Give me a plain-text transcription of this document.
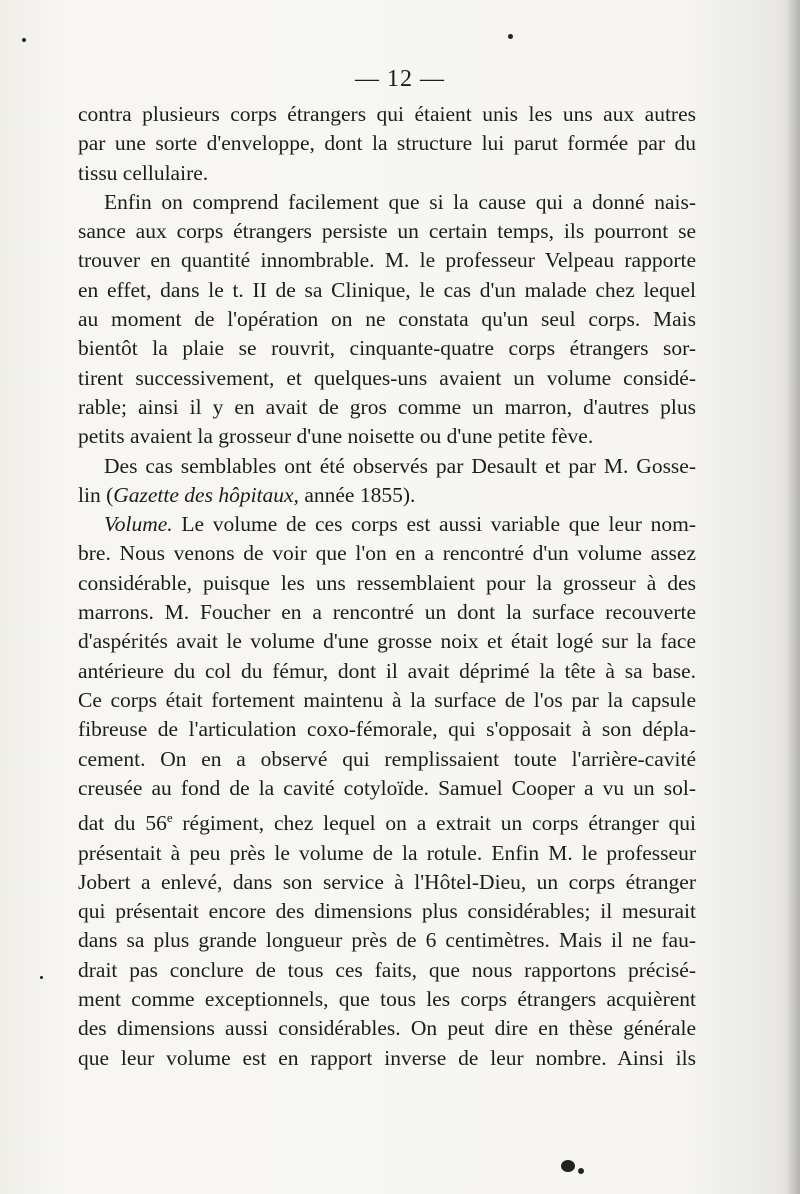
— 12 —

contra plusieurs corps étrangers qui étaient unis les uns aux autres
par une sorte d'enveloppe, dont la structure lui parut formée par du
tissu cellulaire.

Enfin on comprend facilement que si la cause qui a donné nais-
sance aux corps étrangers persiste un certain temps, ils pourront se
trouver en quantité innombrable. M. le professeur Velpeau rapporte
en effet, dans le t. II de sa Clinique, le cas d'un malade chez lequel
au moment de l'opération on ne constata qu'un seul corps. Mais
bientôt la plaie se rouvrit, cinquante-quatre corps étrangers sor-
tirent successivement, et quelques-uns avaient un volume considé-
rable; ainsi il y en avait de gros comme un marron, d'autres plus
petits avaient la grosseur d'une noisette ou d'une petite fève.

Des cas semblables ont été observés par Desault et par M. Gosse-
lin (Gazette des hôpitaux, année 1855).

Volume. Le volume de ces corps est aussi variable que leur nom-
bre. Nous venons de voir que l'on en a rencontré d'un volume assez
considérable, puisque les uns ressemblaient pour la grosseur à des
marrons. M. Foucher en a rencontré un dont la surface recouverte
d'aspérités avait le volume d'une grosse noix et était logé sur la face
antérieure du col du fémur, dont il avait déprimé la tête à sa base.
Ce corps était fortement maintenu à la surface de l'os par la capsule
fibreuse de l'articulation coxo-fémorale, qui s'opposait à son dépla-
cement. On en a observé qui remplissaient toute l'arrière-cavité
creusée au fond de la cavité cotyloïde. Samuel Cooper a vu un sol-
dat du 56e régiment, chez lequel on a extrait un corps étranger qui
présentait à peu près le volume de la rotule. Enfin M. le professeur
Jobert a enlevé, dans son service à l'Hôtel-Dieu, un corps étranger
qui présentait encore des dimensions plus considérables; il mesurait
dans sa plus grande longueur près de 6 centimètres. Mais il ne fau-
drait pas conclure de tous ces faits, que nous rapportons précisé-
ment comme exceptionnels, que tous les corps étrangers acquièrent
des dimensions aussi considérables. On peut dire en thèse générale
que leur volume est en rapport inverse de leur nombre. Ainsi ils
